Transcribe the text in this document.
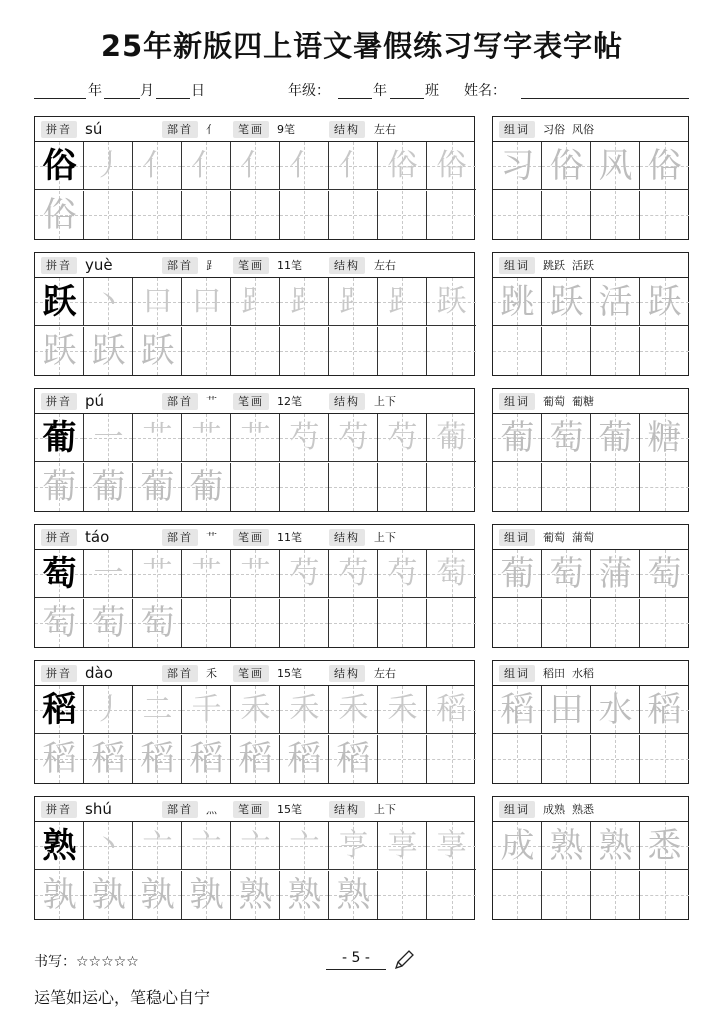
25年新版四上语文暑假练习写字表字帖
年	月	日	年级：	年	班 姓名：
拼音 sú	部首	亻	笔画	9笔	结构	左右
俗 丿 亻 亻 亻 亻 亻 俗 俗
俗
组词	习俗  风俗
习 俗 风 俗
拼音 yuè	部首	⻊	笔画	11笔	结构	左右
跃 丶 口 口 ⻊ ⻊ ⻊ ⻊ 跃
跃 跃 跃
组词	跳跃  活跃
跳 跃 活 跃
拼音 pú	部首	艹	笔画	12笔	结构	上下
葡 一 艹 艹 艹 芍 芍 芍 葡
葡 葡 葡 葡
组词	葡萄  葡糖
葡 萄 葡 糖
拼音 táo	部首	艹	笔画	11笔	结构	上下
萄 一 艹 艹 艹 芍 芍 芍 萄
萄 萄 萄
组词	葡萄  蒲萄
葡 萄 蒲 萄
拼音 dào	部首	禾	笔画	15笔	结构	左右
稻 丿 二 千 禾 禾 禾 禾 稻
稻 稻 稻 稻 稻 稻 稻
组词	稻田  水稻
稻 田 水 稻
拼音 shú	部首	灬	笔画	15笔	结构	上下
熟 丶 亠 亠 亠 亠 亨 享 享
孰 孰 孰 孰 熟 熟 熟
组词	成熟  熟悉
成 熟 熟 悉
书写：☆☆☆☆☆	- 5 -
运笔如运心，笔稳心自宁
